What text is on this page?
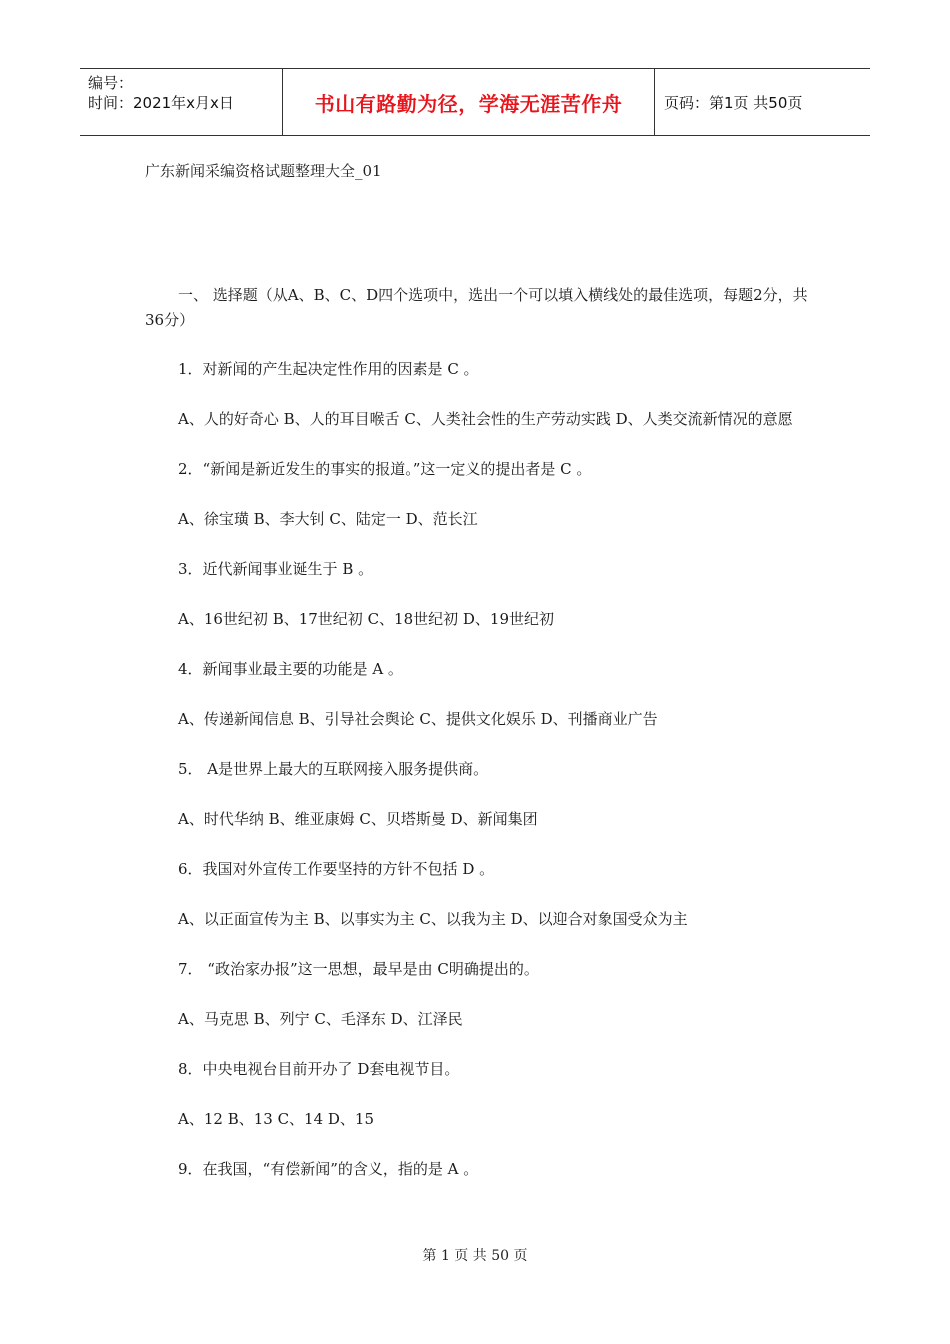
编号：
时间：2021年x月x日	书山有路勤为径，学海无涯苦作舟	页码：第1页 共50页
广东新闻采编资格试题整理大全_01

一、 选择题（从A、B、C、D四个选项中，选出一个可以填入横线处的最佳选项，每题2分，共36分）

1．对新闻的产生起决定性作用的因素是 C 。

A、人的好奇心 B、人的耳目喉舌 C、人类社会性的生产劳动实践 D、人类交流新情况的意愿

2．“新闻是新近发生的事实的报道。”这一定义的提出者是 C 。

A、徐宝璜 B、李大钊 C、陆定一 D、范长江

3．近代新闻事业诞生于 B 。

A、16世纪初 B、17世纪初 C、18世纪初 D、19世纪初

4．新闻事业最主要的功能是 A 。

A、传递新闻信息 B、引导社会舆论 C、提供文化娱乐 D、刊播商业广告

5． A是世界上最大的互联网接入服务提供商。

A、时代华纳 B、维亚康姆 C、贝塔斯曼 D、新闻集团

6．我国对外宣传工作要坚持的方针不包括 D 。

A、以正面宣传为主 B、以事实为主 C、以我为主 D、以迎合对象国受众为主

7． “政治家办报”这一思想，最早是由 C明确提出的。

A、马克思 B、列宁 C、毛泽东 D、江泽民

8．中央电视台目前开办了 D套电视节目。

A、12 B、13 C、14 D、15

9．在我国，“有偿新闻”的含义，指的是 A 。

第 1 页 共 50 页
